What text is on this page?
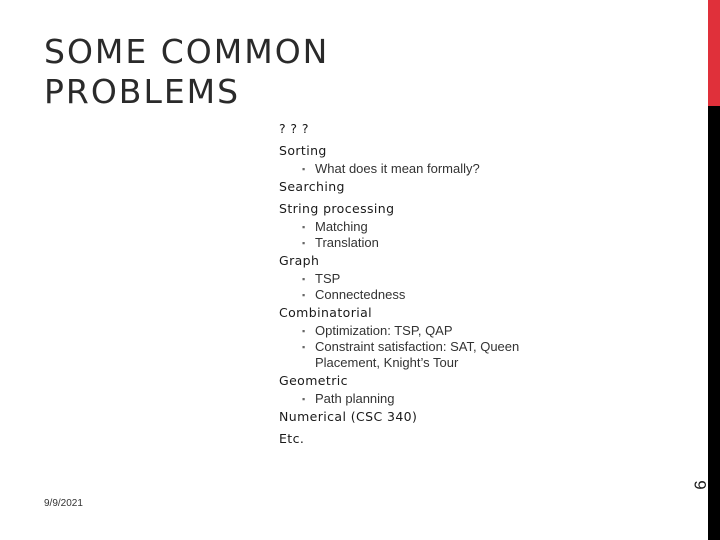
SOME COMMON
PROBLEMS
? ? ?
Sorting
▪ What does it mean formally?
Searching
String processing
▪ Matching
▪ Translation
Graph
▪ TSP
▪ Connectedness
Combinatorial
▪ Optimization: TSP, QAP
▪ Constraint satisfaction: SAT, Queen Placement, Knight’s Tour
Geometric
▪ Path planning
Numerical (CSC 340)
Etc.
9/9/2021
6
